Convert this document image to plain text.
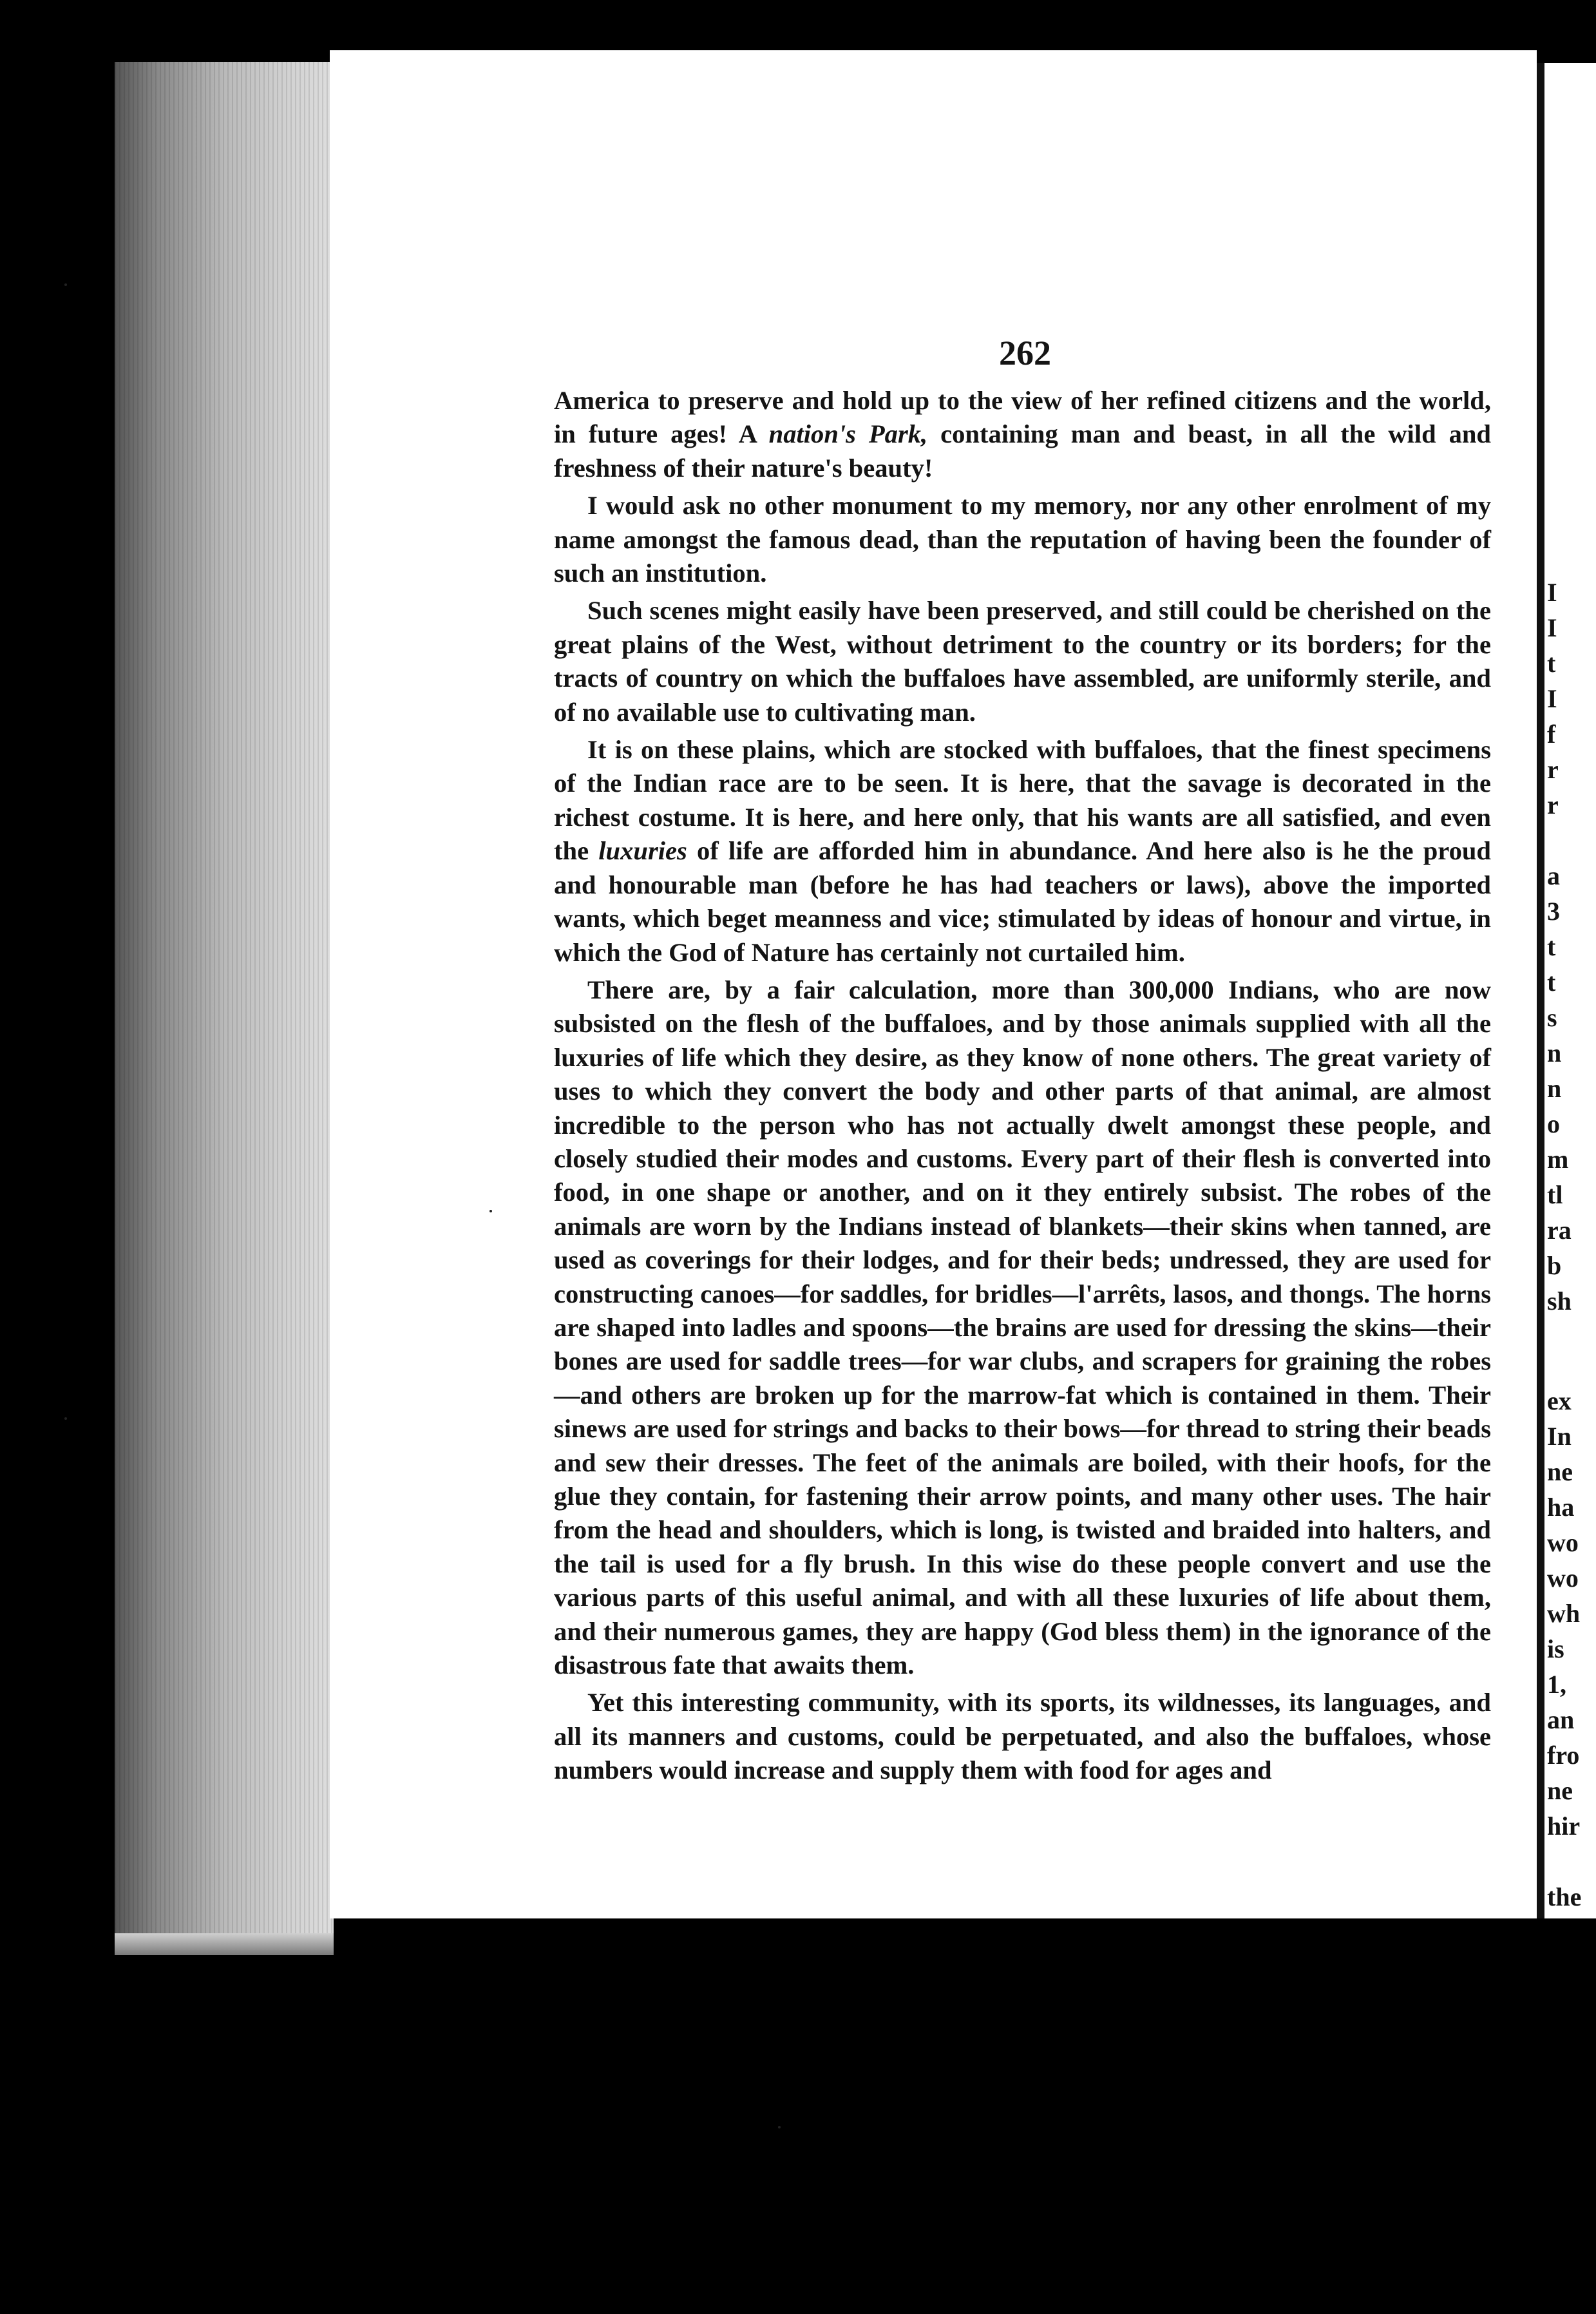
I
I
t
I
f
r
r
a
3
t
t
s
n
n
o
m
tl
ra
b
sh
ex
In
ne
ha
wo
wo
wh
is
1,
an
fro
ne
hir
the
262

America to preserve and hold up to the view of her refined citizens and the world, in future ages! A nation's Park, containing man and beast, in all the wild and freshness of their nature's beauty!

I would ask no other monument to my memory, nor any other enrolment of my name amongst the famous dead, than the reputation of having been the founder of such an institution.

Such scenes might easily have been preserved, and still could be cherished on the great plains of the West, without detriment to the country or its borders; for the tracts of country on which the buffaloes have assembled, are uniformly sterile, and of no available use to cultivating man.

It is on these plains, which are stocked with buffaloes, that the finest specimens of the Indian race are to be seen. It is here, that the savage is decorated in the richest costume. It is here, and here only, that his wants are all satisfied, and even the luxuries of life are afforded him in abundance. And here also is he the proud and honourable man (before he has had teachers or laws), above the imported wants, which beget meanness and vice; stimulated by ideas of honour and virtue, in which the God of Nature has certainly not curtailed him.

There are, by a fair calculation, more than 300,000 Indians, who are now subsisted on the flesh of the buffaloes, and by those animals supplied with all the luxuries of life which they desire, as they know of none others. The great variety of uses to which they convert the body and other parts of that animal, are almost incredible to the person who has not actually dwelt amongst these people, and closely studied their modes and customs. Every part of their flesh is converted into food, in one shape or another, and on it they entirely subsist. The robes of the animals are worn by the Indians instead of blankets—their skins when tanned, are used as coverings for their lodges, and for their beds; undressed, they are used for constructing canoes—for saddles, for bridles—l'arrêts, lasos, and thongs. The horns are shaped into ladles and spoons—the brains are used for dressing the skins—their bones are used for saddle trees—for war clubs, and scrapers for graining the robes—and others are broken up for the marrow-fat which is contained in them. Their sinews are used for strings and backs to their bows—for thread to string their beads and sew their dresses. The feet of the animals are boiled, with their hoofs, for the glue they contain, for fastening their arrow points, and many other uses. The hair from the head and shoulders, which is long, is twisted and braided into halters, and the tail is used for a fly brush. In this wise do these people convert and use the various parts of this useful animal, and with all these luxuries of life about them, and their numerous games, they are happy (God bless them) in the ignorance of the disastrous fate that awaits them.

Yet this interesting community, with its sports, its wildnesses, its languages, and all its manners and customs, could be perpetuated, and also the buffaloes, whose numbers would increase and supply them with food for ages and
